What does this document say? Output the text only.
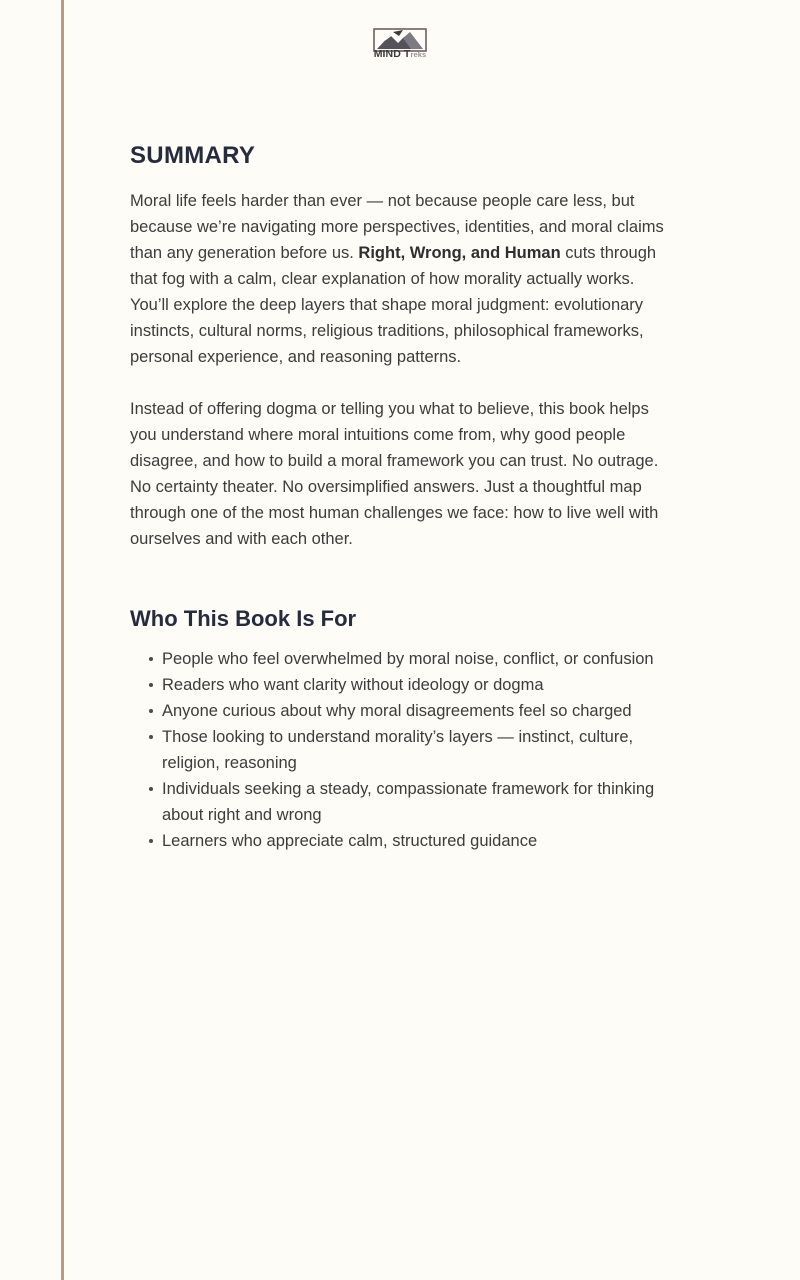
MIND T reks
SUMMARY

Moral life feels harder than ever — not because people care less, but because we’re navigating more perspectives, identities, and moral claims than any generation before us. Right, Wrong, and Human cuts through that fog with a calm, clear explanation of how morality actually works.

You’ll explore the deep layers that shape moral judgment: evolutionary instincts, cultural norms, religious traditions, philosophical frameworks, personal experience, and reasoning patterns.

Instead of offering dogma or telling you what to believe, this book helps you understand where moral intuitions come from, why good people disagree, and how to build a moral framework you can trust. No outrage. No certainty theater. No oversimplified answers. Just a thoughtful map through one of the most human challenges we face: how to live well with ourselves and with each other.

Who This Book Is For
People who feel overwhelmed by moral noise, conflict, or confusion
Readers who want clarity without ideology or dogma
Anyone curious about why moral disagreements feel so charged
Those looking to understand morality’s layers — instinct, culture, religion, reasoning
Individuals seeking a steady, compassionate framework for thinking about right and wrong
Learners who appreciate calm, structured guidance
